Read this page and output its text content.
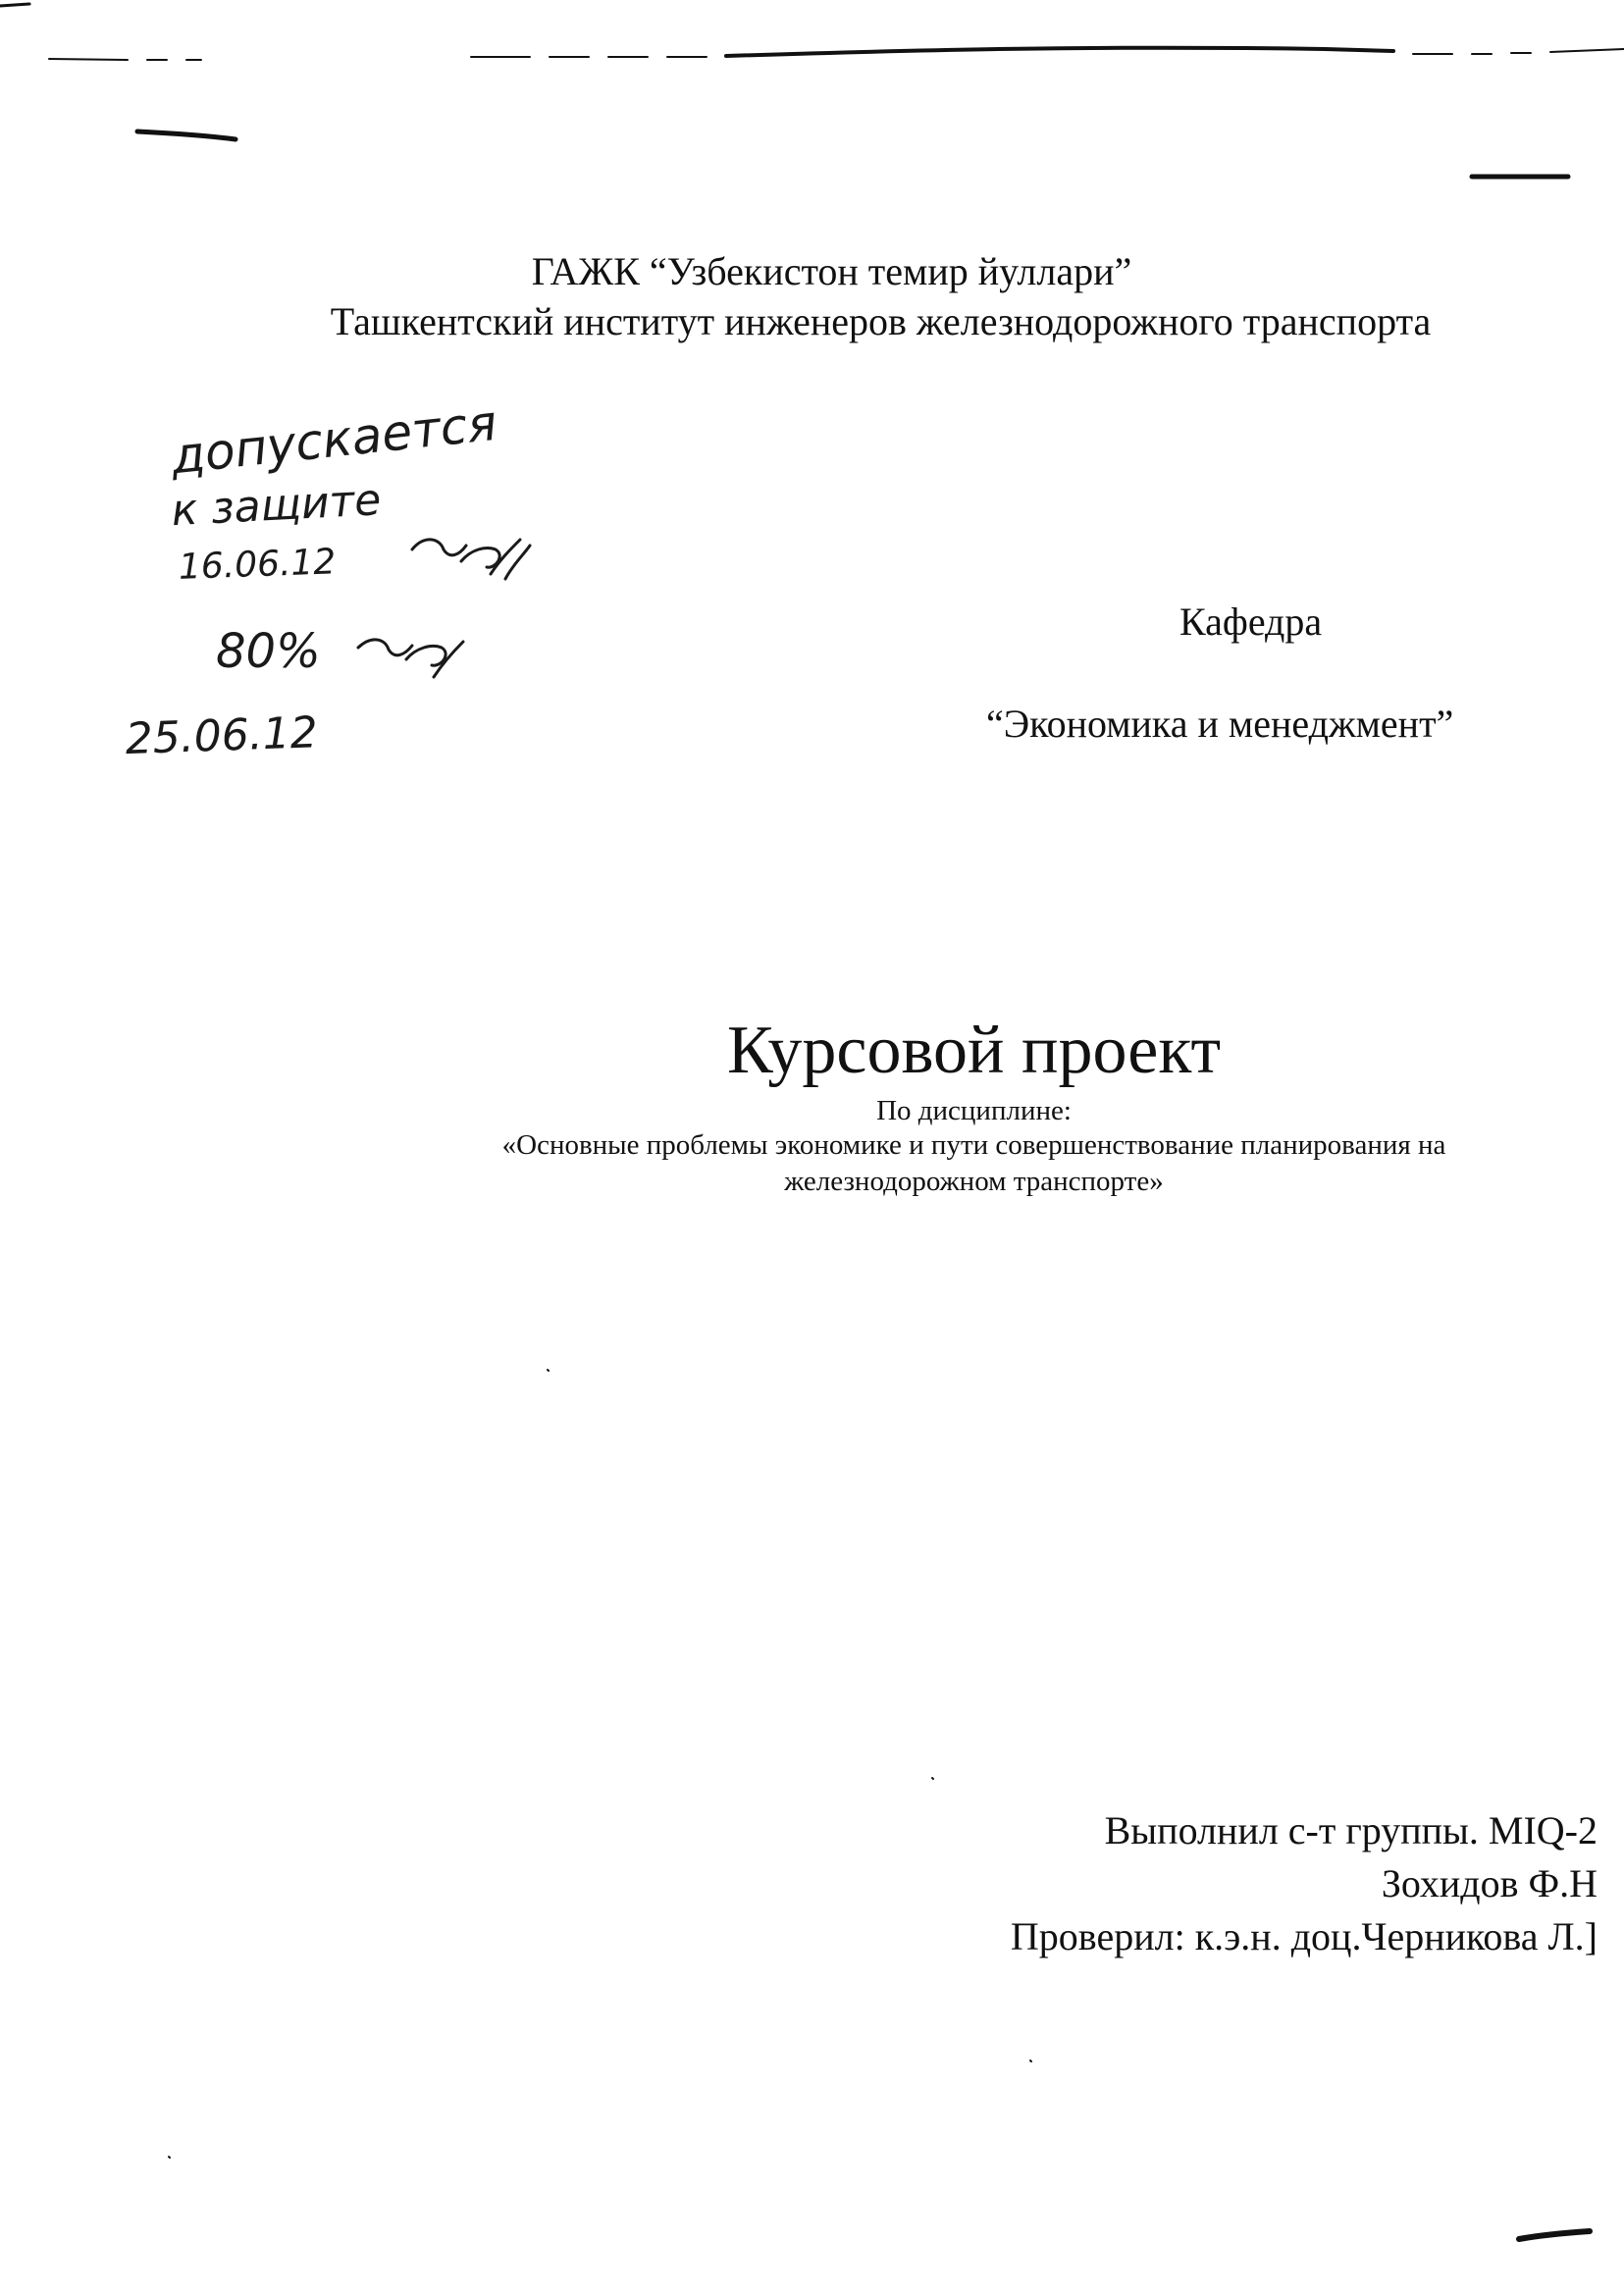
допускается
к защите
16.06.12
80%
25.06.12
ГАЖК “Узбекистон темир йуллари”
Ташкентский институт инженеров железнодорожного транспорта
Кафедра
“Экономика и менеджмент”
Курсовой проект
По дисциплине:
«Основные проблемы экономике и пути совершенствование планирования на
железнодорожном транспорте»
Выполнил с-т группы. MIQ-2
Зохидов Ф.Н
Проверил: к.э.н. доц.Черникова Л.]
